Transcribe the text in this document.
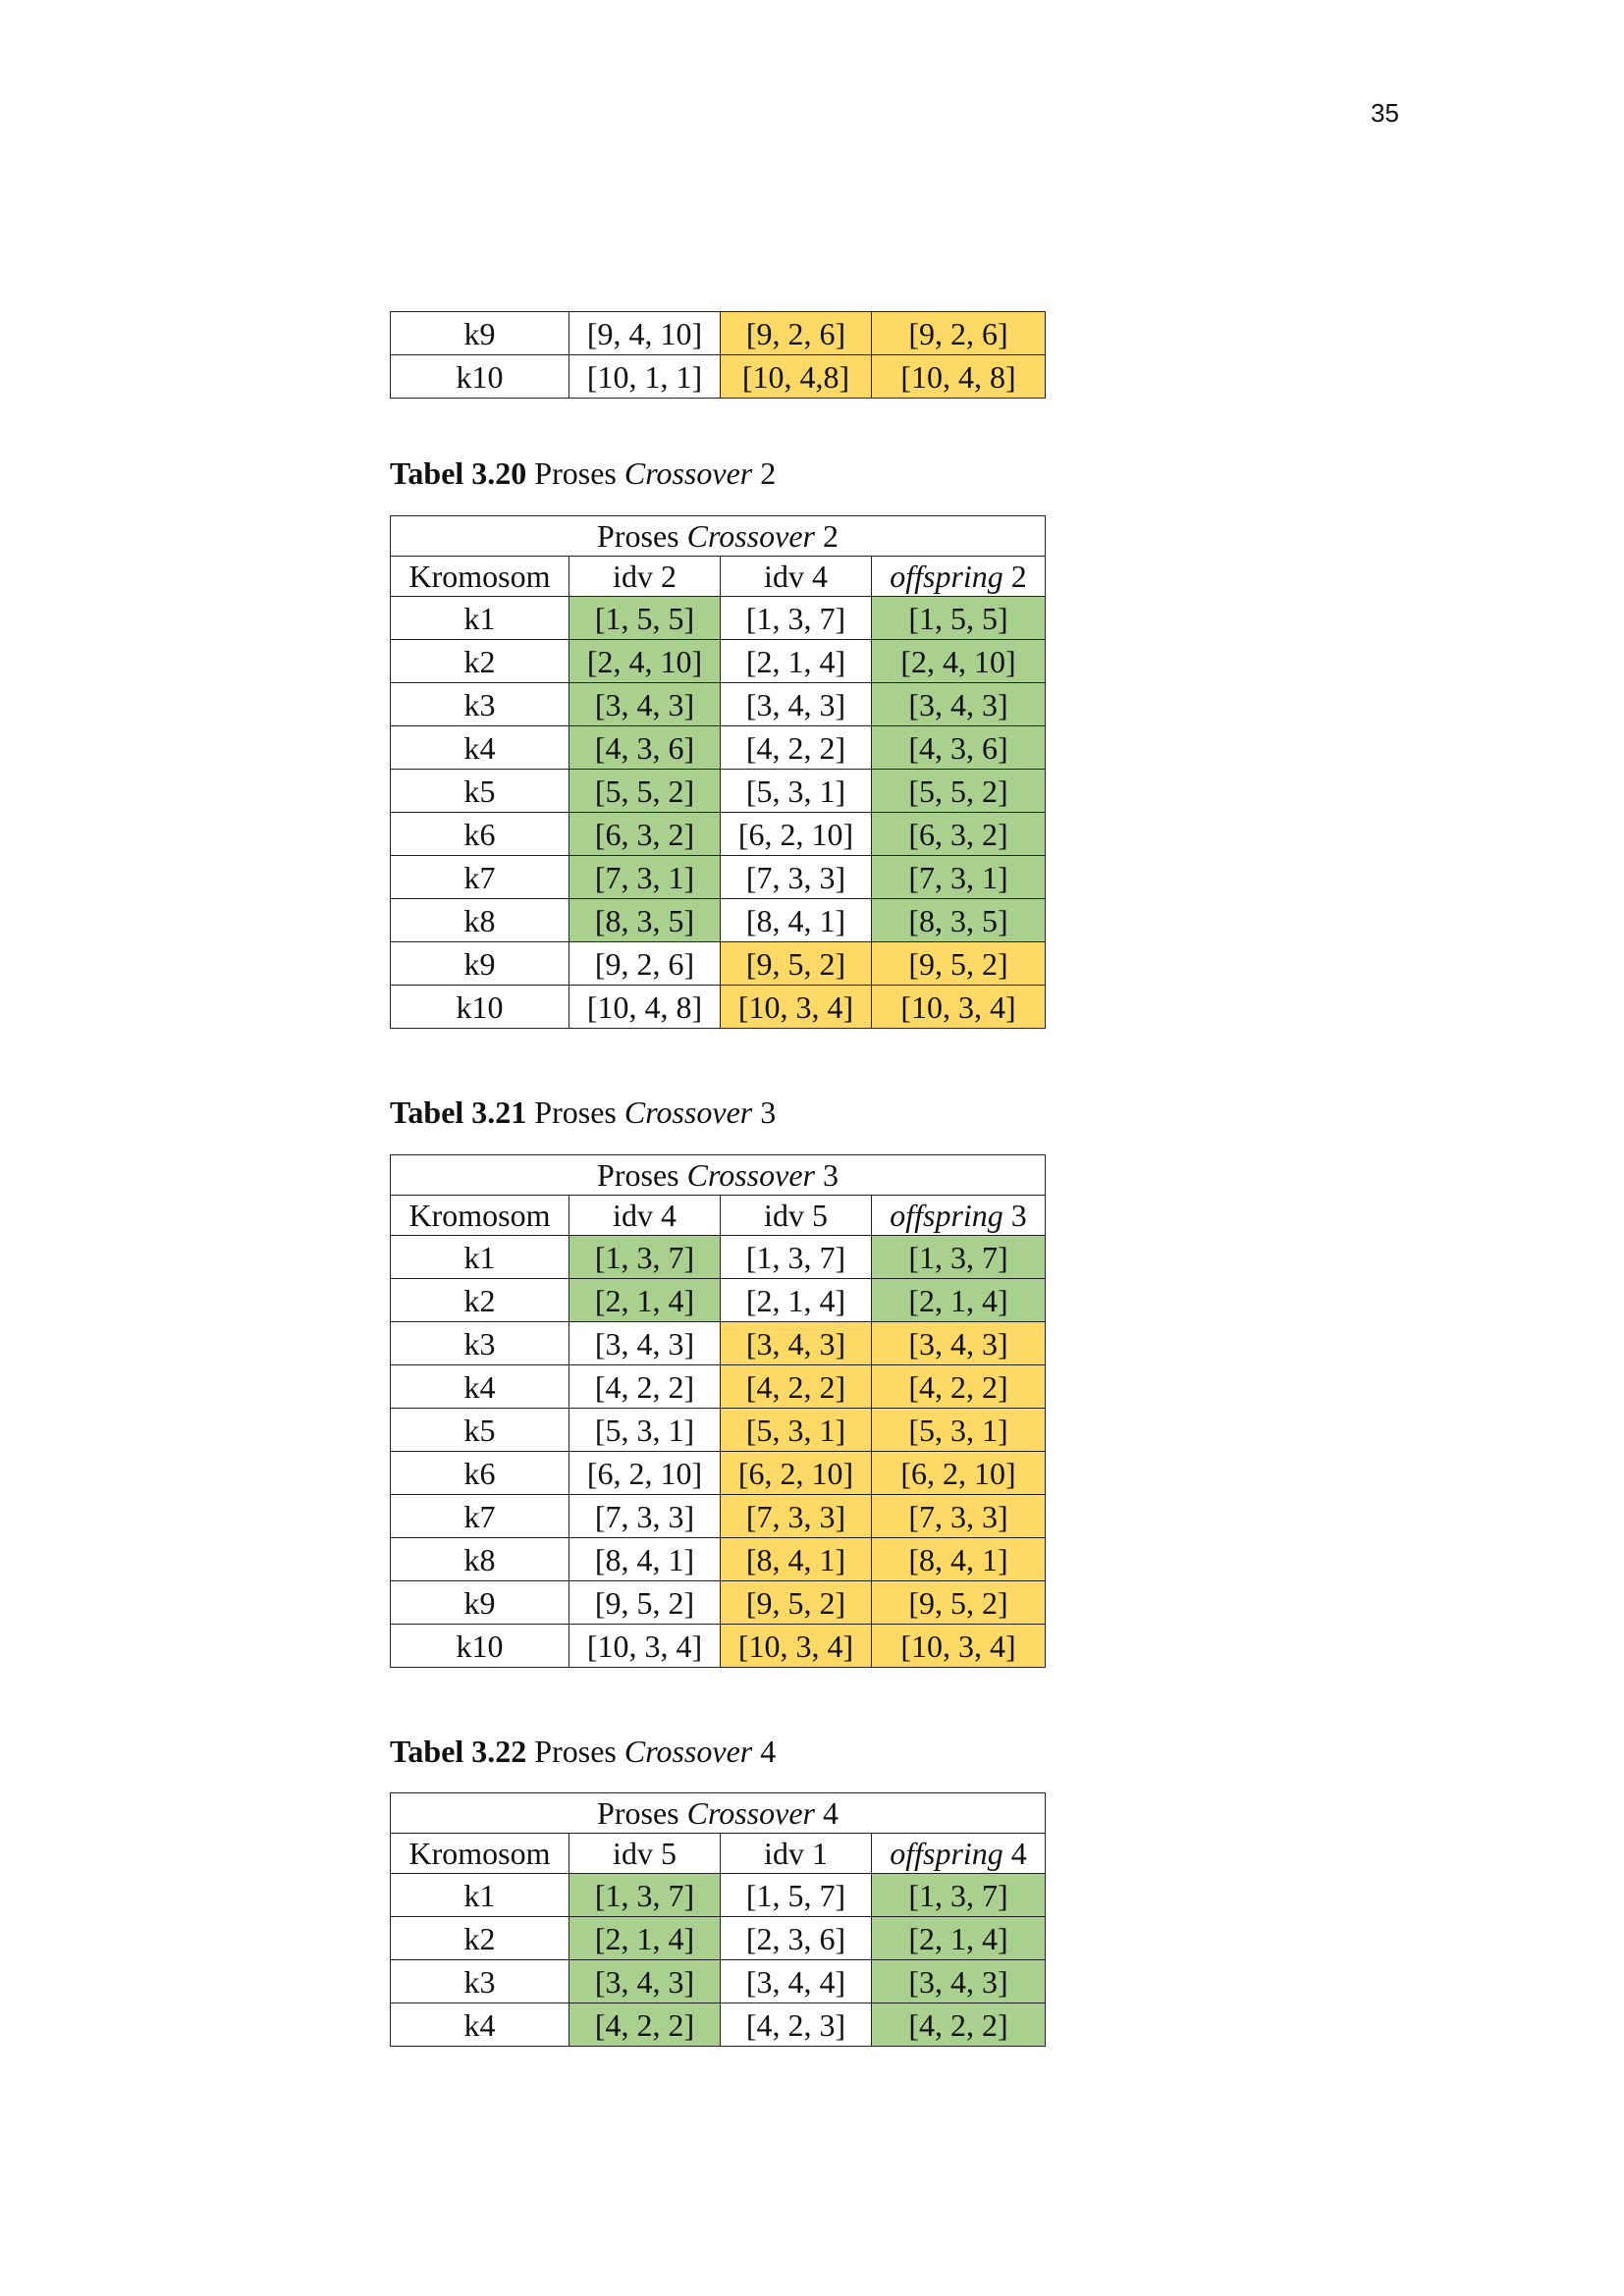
35
k9	[9, 4, 10]	[9, 2, 6]	[9, 2, 6]
k10	[10, 1, 1]	[10, 4,8]	[10, 4, 8]
Tabel 3.20 Proses Crossover 2
Proses Crossover 2			
Kromosom	idv 2	idv 4	offspring 2
k1	[1, 5, 5]	[1, 3, 7]	[1, 5, 5]
k2	[2, 4, 10]	[2, 1, 4]	[2, 4, 10]
k3	[3, 4, 3]	[3, 4, 3]	[3, 4, 3]
k4	[4, 3, 6]	[4, 2, 2]	[4, 3, 6]
k5	[5, 5, 2]	[5, 3, 1]	[5, 5, 2]
k6	[6, 3, 2]	[6, 2, 10]	[6, 3, 2]
k7	[7, 3, 1]	[7, 3, 3]	[7, 3, 1]
k8	[8, 3, 5]	[8, 4, 1]	[8, 3, 5]
k9	[9, 2, 6]	[9, 5, 2]	[9, 5, 2]
k10	[10, 4, 8]	[10, 3, 4]	[10, 3, 4]
Tabel 3.21 Proses Crossover 3
Proses Crossover 3			
Kromosom	idv 4	idv 5	offspring 3
k1	[1, 3, 7]	[1, 3, 7]	[1, 3, 7]
k2	[2, 1, 4]	[2, 1, 4]	[2, 1, 4]
k3	[3, 4, 3]	[3, 4, 3]	[3, 4, 3]
k4	[4, 2, 2]	[4, 2, 2]	[4, 2, 2]
k5	[5, 3, 1]	[5, 3, 1]	[5, 3, 1]
k6	[6, 2, 10]	[6, 2, 10]	[6, 2, 10]
k7	[7, 3, 3]	[7, 3, 3]	[7, 3, 3]
k8	[8, 4, 1]	[8, 4, 1]	[8, 4, 1]
k9	[9, 5, 2]	[9, 5, 2]	[9, 5, 2]
k10	[10, 3, 4]	[10, 3, 4]	[10, 3, 4]
Tabel 3.22 Proses Crossover 4
Proses Crossover 4			
Kromosom	idv 5	idv 1	offspring 4
k1	[1, 3, 7]	[1, 5, 7]	[1, 3, 7]
k2	[2, 1, 4]	[2, 3, 6]	[2, 1, 4]
k3	[3, 4, 3]	[3, 4, 4]	[3, 4, 3]
k4	[4, 2, 2]	[4, 2, 3]	[4, 2, 2]
